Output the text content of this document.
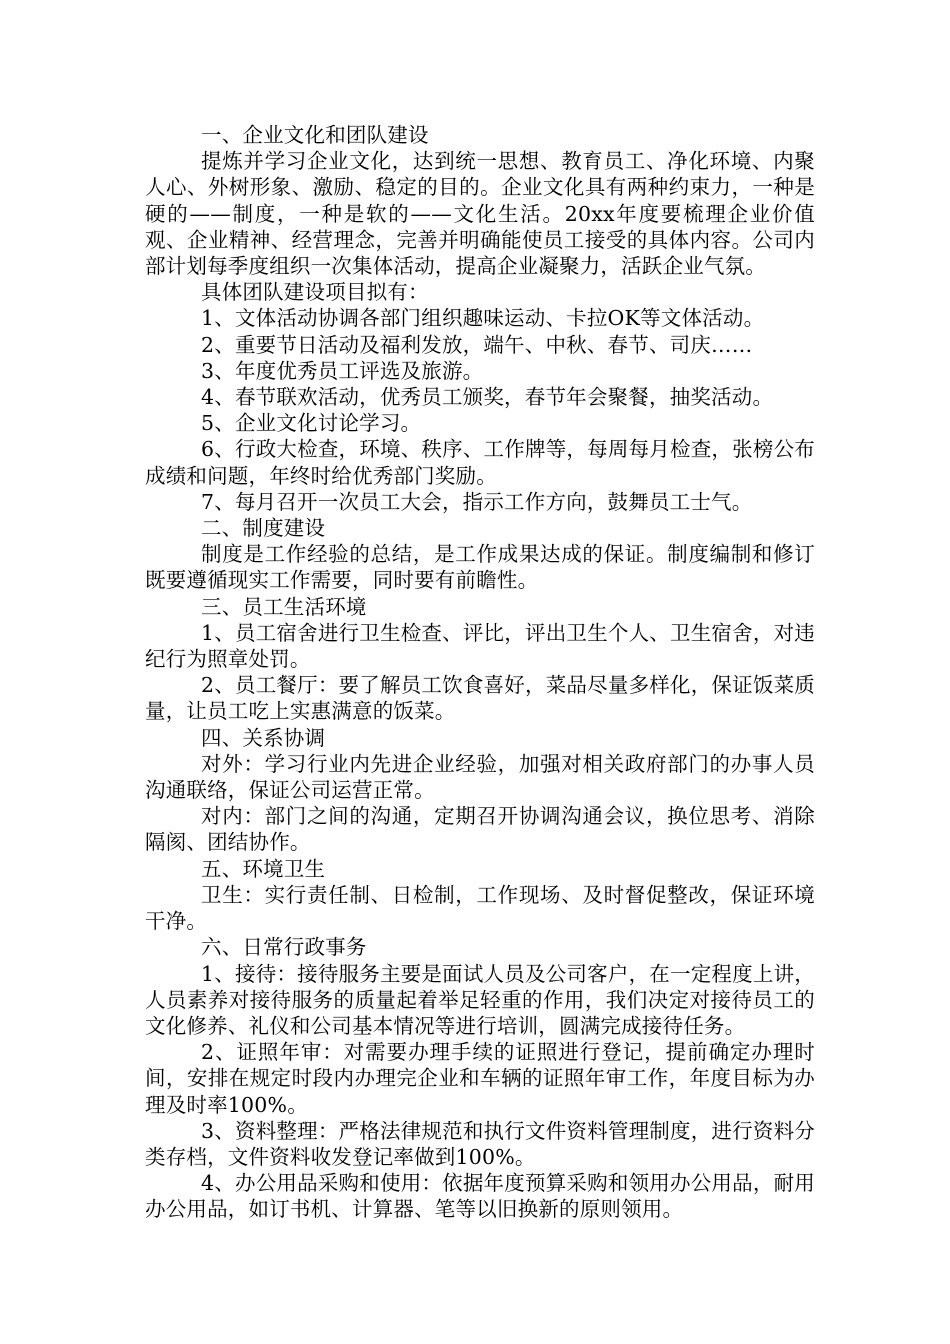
一、企业文化和团队建设

提炼并学习企业文化，达到统一思想、教育员工、净化环境、内聚人心、外树形象、激励、稳定的目的。企业文化具有两种约束力，一种是硬的——制度，一种是软的——文化生活。20xx年度要梳理企业价值观、企业精神、经营理念，完善并明确能使员工接受的具体内容。公司内部计划每季度组织一次集体活动，提高企业凝聚力，活跃企业气氛。

具体团队建设项目拟有：

1、文体活动协调各部门组织趣味运动、卡拉OK等文体活动。

2、重要节日活动及福利发放，端午、中秋、春节、司庆……

3、年度优秀员工评选及旅游。

4、春节联欢活动，优秀员工颁奖，春节年会聚餐，抽奖活动。

5、企业文化讨论学习。

6、行政大检查，环境、秩序、工作牌等，每周每月检查，张榜公布成绩和问题，年终时给优秀部门奖励。

7、每月召开一次员工大会，指示工作方向，鼓舞员工士气。

二、制度建设

制度是工作经验的总结，是工作成果达成的保证。制度编制和修订既要遵循现实工作需要，同时要有前瞻性。

三、员工生活环境

1、员工宿舍进行卫生检查、评比，评出卫生个人、卫生宿舍，对违纪行为照章处罚。

2、员工餐厅：要了解员工饮食喜好，菜品尽量多样化，保证饭菜质量，让员工吃上实惠满意的饭菜。

四、关系协调

对外：学习行业内先进企业经验，加强对相关政府部门的办事人员沟通联络，保证公司运营正常。

对内：部门之间的沟通，定期召开协调沟通会议，换位思考、消除隔阂、团结协作。

五、环境卫生

卫生：实行责任制、日检制，工作现场、及时督促整改，保证环境干净。

六、日常行政事务

1、接待：接待服务主要是面试人员及公司客户，在一定程度上讲，人员素养对接待服务的质量起着举足轻重的作用，我们决定对接待员工的文化修养、礼仪和公司基本情况等进行培训，圆满完成接待任务。

2、证照年审：对需要办理手续的证照进行登记，提前确定办理时间，安排在规定时段内办理完企业和车辆的证照年审工作，年度目标为办理及时率100%。

3、资料整理：严格法律规范和执行文件资料管理制度，进行资料分类存档，文件资料收发登记率做到100%。

4、办公用品采购和使用：依据年度预算采购和领用办公用品，耐用办公用品，如订书机、计算器、笔等以旧换新的原则领用。
